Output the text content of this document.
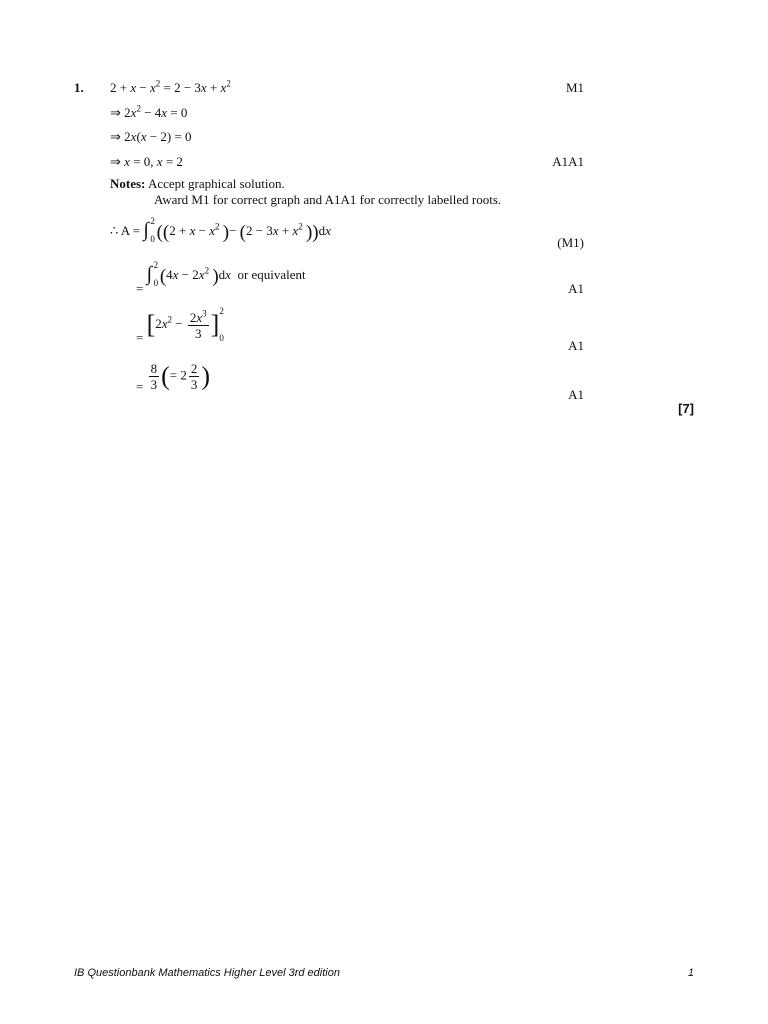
1. $2 + x - x^2 = 2 - 3x + x^2$	M1
⇒ $2x^2 - 4x = 0$
⇒ 2x(x − 2) = 0
⇒ x = 0, x = 2	A1A1
Notes: Accept graphical solution.
Award M1 for correct graph and A1A1 for correctly labelled roots.
∴ A = ∫ 2
0 (($2 + x - x^2$ )− ($2 - 3x + x^2$ ))dx
(M1)
=
∫ 2
0 ($4x - 2x^2$ )dx or equivalent
A1
= [$2x^2 - \frac{2x^3}{3}$ ] 2
0	A1
= $\frac{8}{3}$ (= $2 \frac{2}{3}$ )
A1
[7]
IB Questionbank Mathematics Higher Level 3rd edition	1
